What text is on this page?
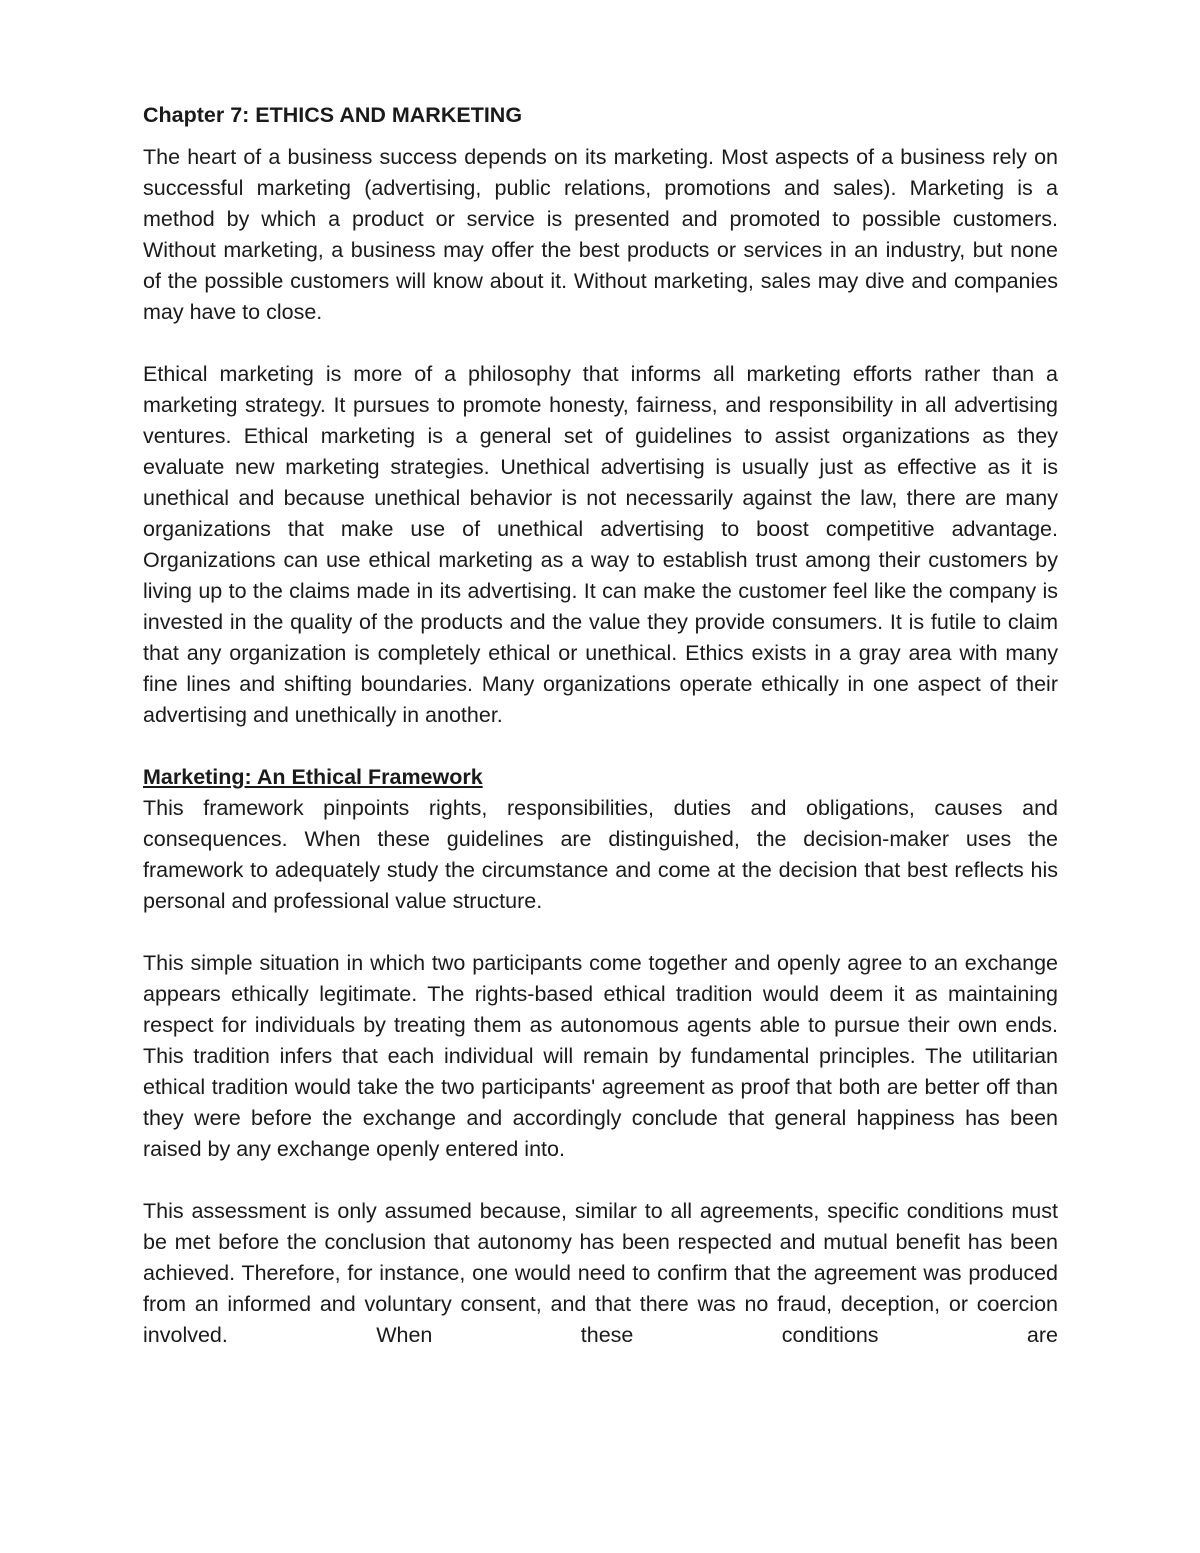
Chapter 7: ETHICS AND MARKETING

The heart of a business success depends on its marketing. Most aspects of a business rely on successful marketing (advertising, public relations, promotions and sales). Marketing is a method by which a product or service is presented and promoted to possible customers. Without marketing, a business may offer the best products or services in an industry, but none of the possible customers will know about it. Without marketing, sales may dive and companies may have to close.

Ethical marketing is more of a philosophy that informs all marketing efforts rather than a marketing strategy. It pursues to promote honesty, fairness, and responsibility in all advertising ventures. Ethical marketing is a general set of guidelines to assist organizations as they evaluate new marketing strategies. Unethical advertising is usually just as effective as it is unethical and because unethical behavior is not necessarily against the law, there are many organizations that make use of unethical advertising to boost competitive advantage. Organizations can use ethical marketing as a way to establish trust among their customers by living up to the claims made in its advertising. It can make the customer feel like the company is invested in the quality of the products and the value they provide consumers. It is futile to claim that any organization is completely ethical or unethical. Ethics exists in a gray area with many fine lines and shifting boundaries. Many organizations operate ethically in one aspect of their advertising and unethically in another.

Marketing: An Ethical Framework

This framework pinpoints rights, responsibilities, duties and obligations, causes and consequences. When these guidelines are distinguished, the decision-maker uses the framework to adequately study the circumstance and come at the decision that best reflects his personal and professional value structure.

This simple situation in which two participants come together and openly agree to an exchange appears ethically legitimate. The rights-based ethical tradition would deem it as maintaining respect for individuals by treating them as autonomous agents able to pursue their own ends. This tradition infers that each individual will remain by fundamental principles. The utilitarian ethical tradition would take the two participants' agreement as proof that both are better off than they were before the exchange and accordingly conclude that general happiness has been raised by any exchange openly entered into.

This assessment is only assumed because, similar to all agreements, specific conditions must be met before the conclusion that autonomy has been respected and mutual benefit has been achieved. Therefore, for instance, one would need to confirm that the agreement was produced from an informed and voluntary consent, and that there was no fraud, deception, or coercion involved. When these conditions are
